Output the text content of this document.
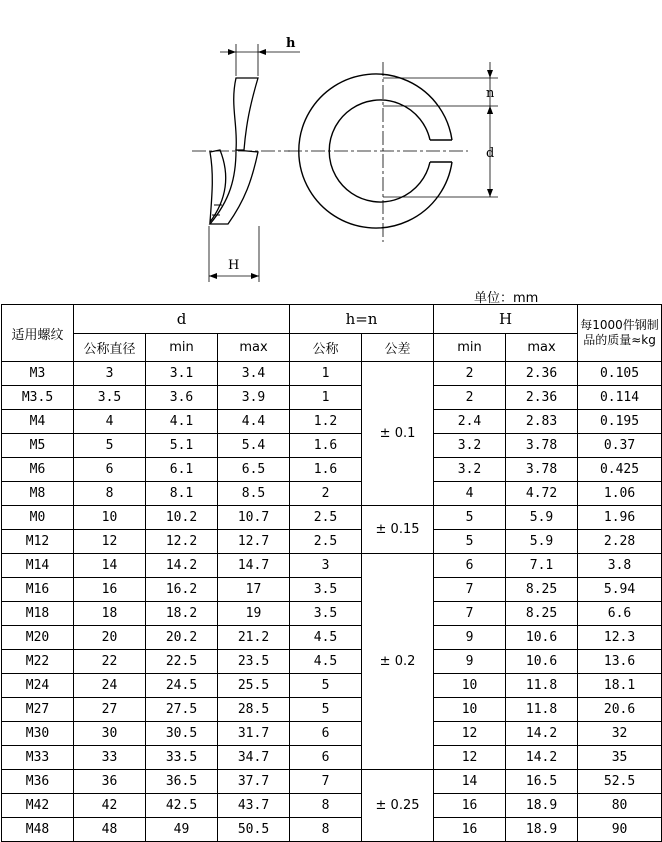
h
H
n
d
单位：mm
适用螺纹	d			h=n		H		每1000件钢制品的质量≈kg
	公称直径	min	max	公称	公差	min	max	
M3	3	3.1	3.4	1	± 0.1	2	2.36	0.105
M3.5	3.5	3.6	3.9	1		2	2.36	0.114
M4	4	4.1	4.4	1.2		2.4	2.83	0.195
M5	5	5.1	5.4	1.6		3.2	3.78	0.37
M6	6	6.1	6.5	1.6		3.2	3.78	0.425
M8	8	8.1	8.5	2		4	4.72	1.06
M0	10	10.2	10.7	2.5	± 0.15	5	5.9	1.96
M12	12	12.2	12.7	2.5		5	5.9	2.28
M14	14	14.2	14.7	3	± 0.2	6	7.1	3.8
M16	16	16.2	17	3.5		7	8.25	5.94
M18	18	18.2	19	3.5		7	8.25	6.6
M20	20	20.2	21.2	4.5		9	10.6	12.3
M22	22	22.5	23.5	4.5		9	10.6	13.6
M24	24	24.5	25.5	5		10	11.8	18.1
M27	27	27.5	28.5	5		10	11.8	20.6
M30	30	30.5	31.7	6		12	14.2	32
M33	33	33.5	34.7	6		12	14.2	35
M36	36	36.5	37.7	7	± 0.25	14	16.5	52.5
M42	42	42.5	43.7	8		16	18.9	80
M48	48	49	50.5	8		16	18.9	90
